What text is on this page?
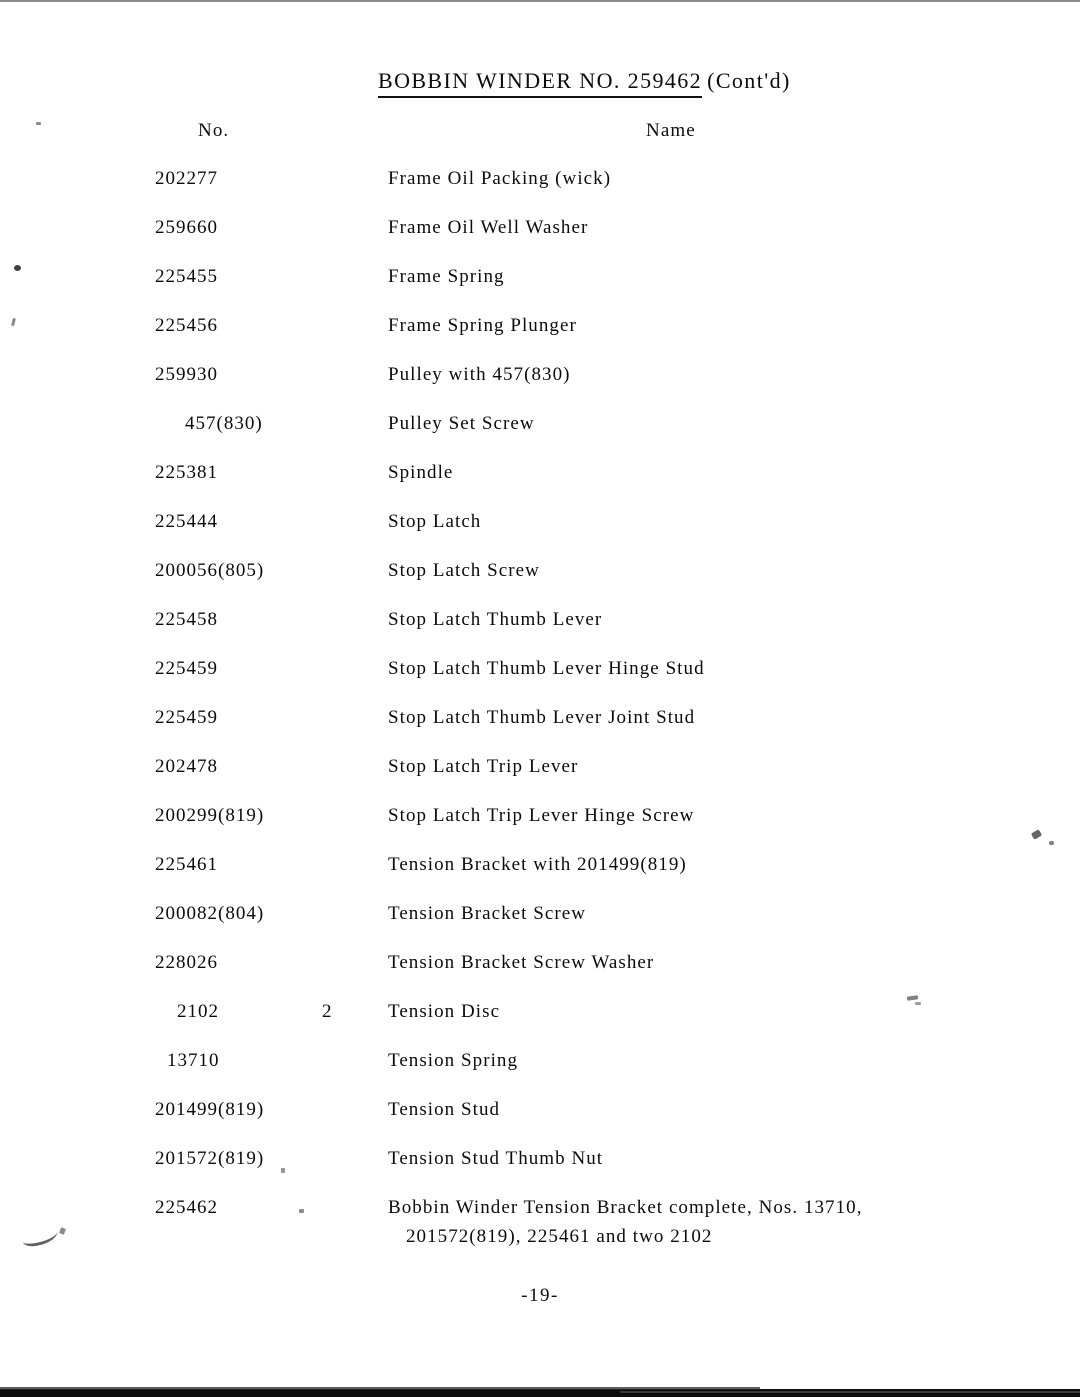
BOBBIN WINDER NO. 259462 (Cont'd)
No.	Name
202277	Frame Oil Packing (wick)
259660	Frame Oil Well Washer
225455	Frame Spring
225456	Frame Spring Plunger
259930	Pulley with 457(830)
457(830)	Pulley Set Screw
225381	Spindle
225444	Stop Latch
200056(805)	Stop Latch Screw
225458	Stop Latch Thumb Lever
225459	Stop Latch Thumb Lever Hinge Stud
225459	Stop Latch Thumb Lever Joint Stud
202478	Stop Latch Trip Lever
200299(819)	Stop Latch Trip Lever Hinge Screw
225461	Tension Bracket with 201499(819)
200082(804)	Tension Bracket Screw
228026	Tension Bracket Screw Washer
2102	2	Tension Disc
13710	Tension Spring
201499(819)	Tension Stud
201572(819)	Tension Stud Thumb Nut
225462	Bobbin Winder Tension Bracket complete, Nos. 13710,
201572(819), 225461 and two 2102
-19-
